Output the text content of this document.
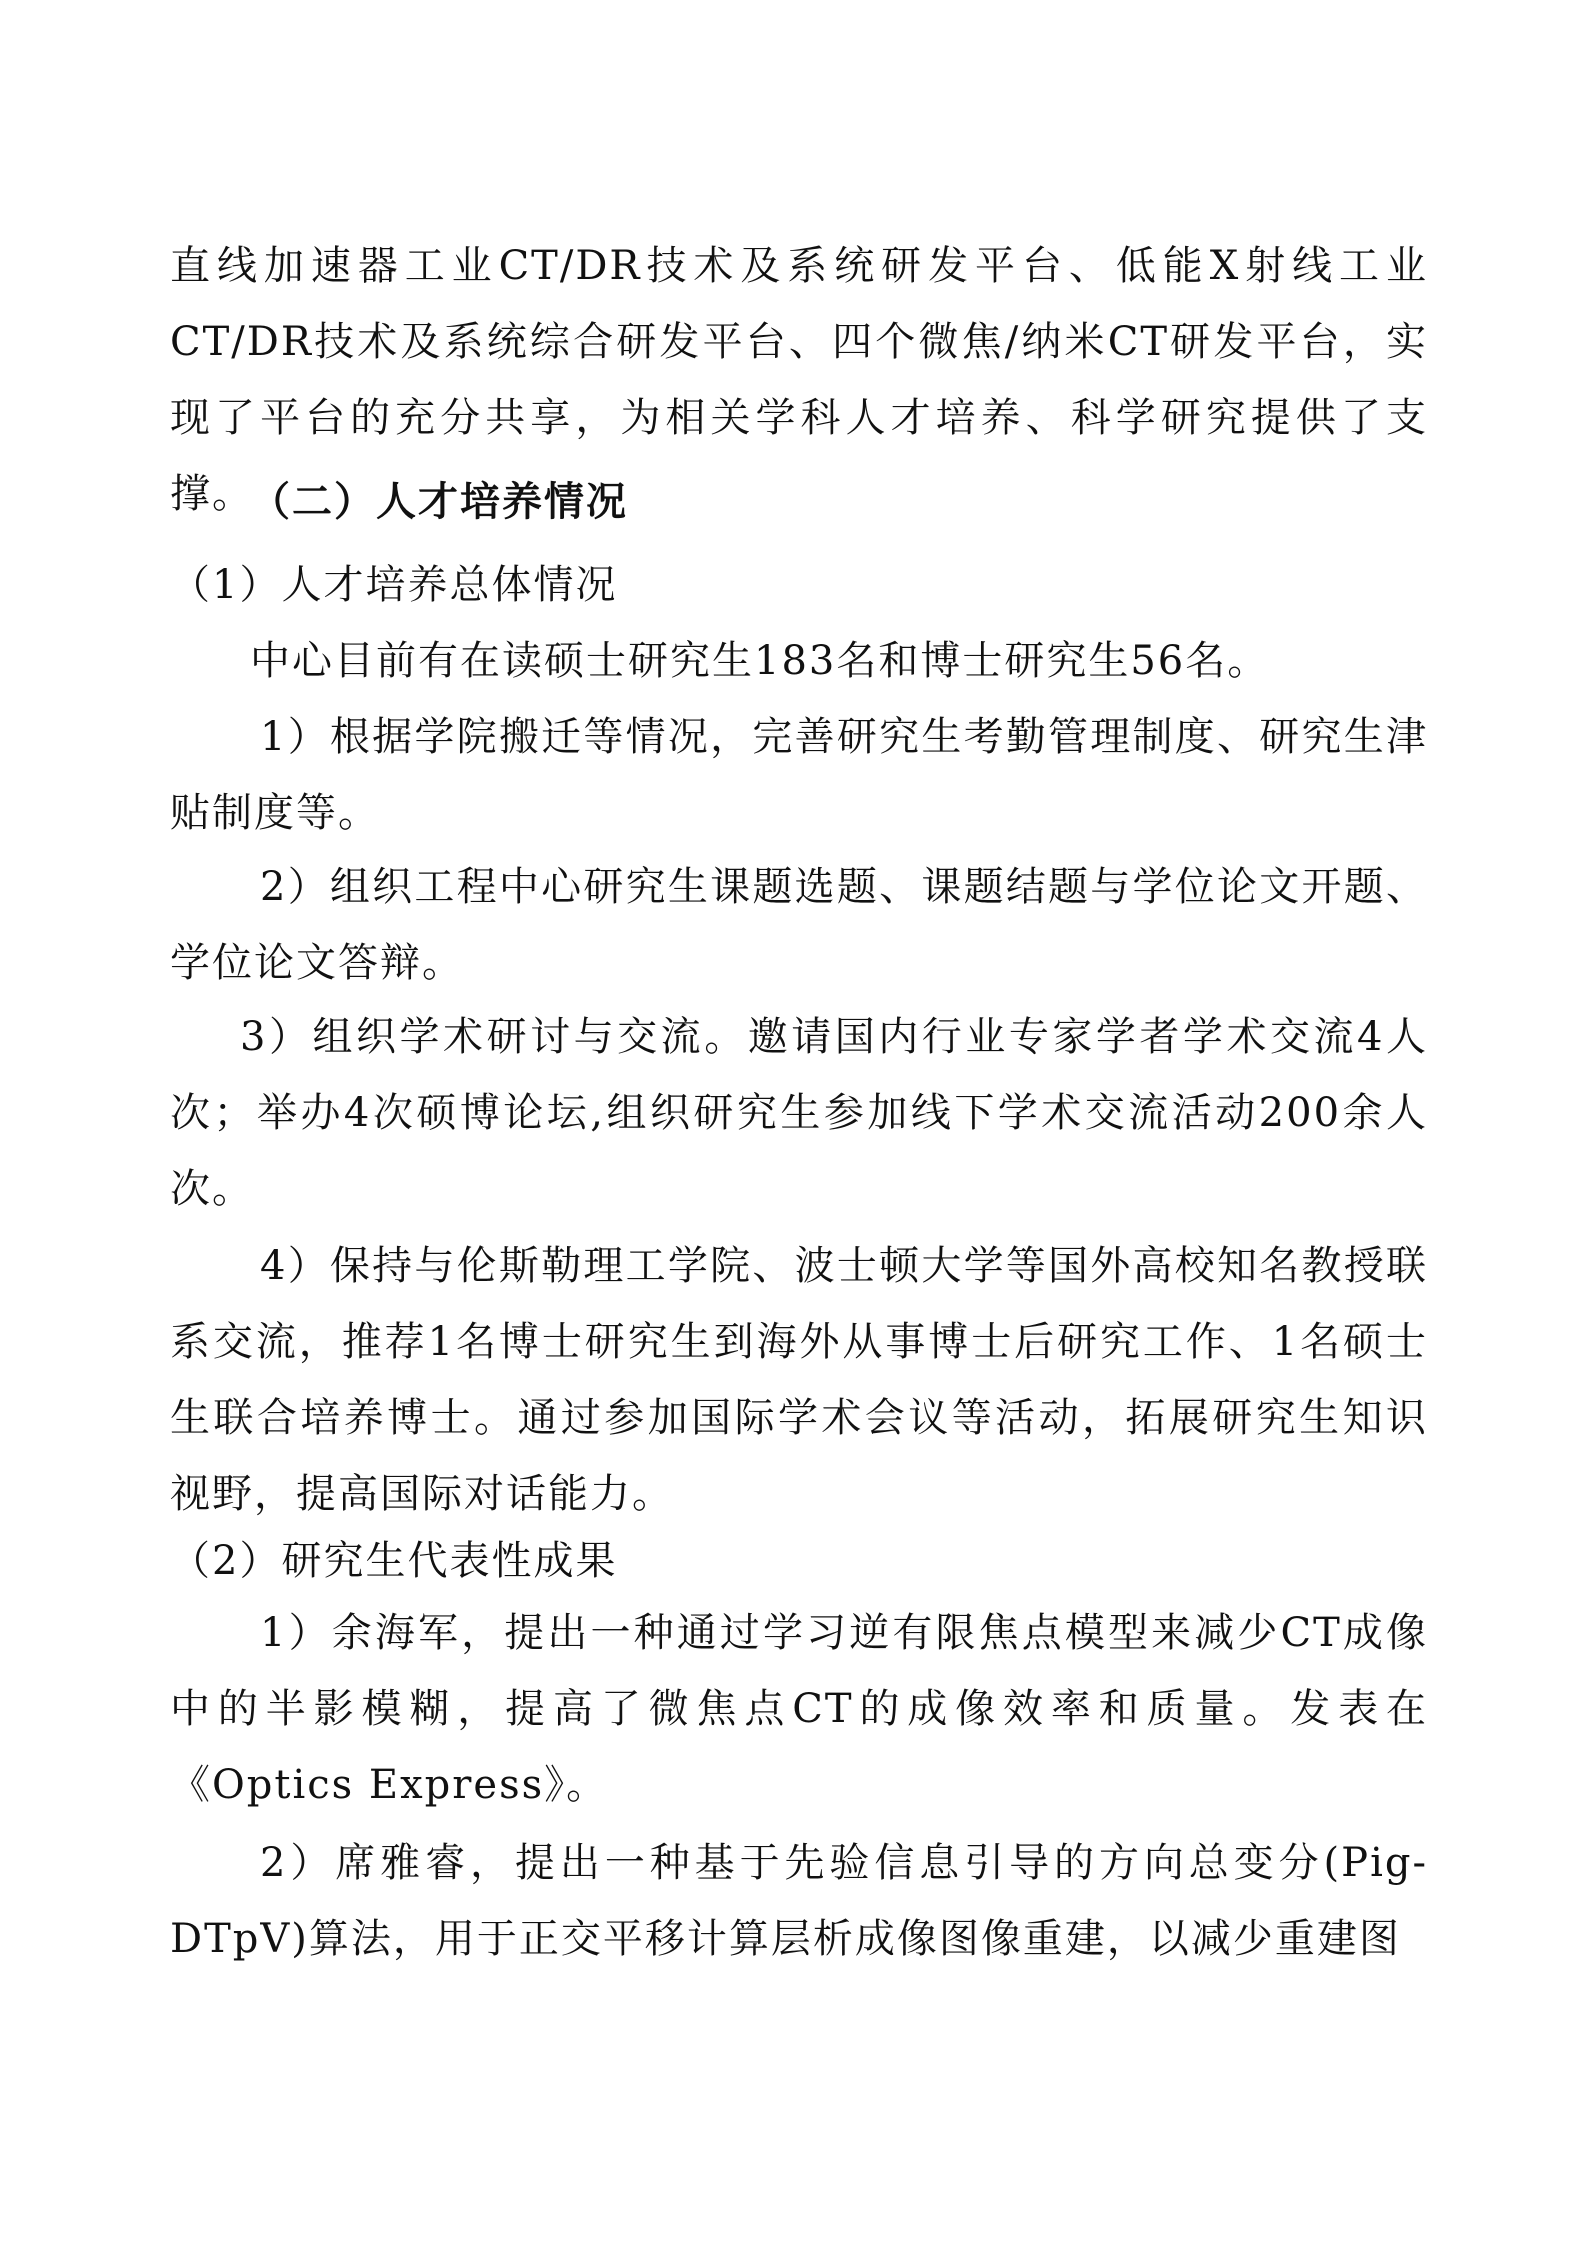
直线加速器工业CT/DR技术及系统研发平台、低能X射线工业CT/DR技术及系统综合研发平台、四个微焦/纳米CT研发平台，实现了平台的充分共享，为相关学科人才培养、科学研究提供了支撑。
（二）人才培养情况
（1）人才培养总体情况
中心目前有在读硕士研究生183名和博士研究生56名。
1）根据学院搬迁等情况，完善研究生考勤管理制度、研究生津贴制度等。
2）组织工程中心研究生课题选题、课题结题与学位论文开题、学位论文答辩。
3）组织学术研讨与交流。邀请国内行业专家学者学术交流4人次；举办4次硕博论坛,组织研究生参加线下学术交流活动200余人次。
4）保持与伦斯勒理工学院、波士顿大学等国外高校知名教授联系交流，推荐1名博士研究生到海外从事博士后研究工作、1名硕士生联合培养博士。通过参加国际学术会议等活动，拓展研究生知识视野，提高国际对话能力。
（2）研究生代表性成果
1）余海军，提出一种通过学习逆有限焦点模型来减少CT成像中的半影模糊，提高了微焦点CT的成像效率和质量。发表在《Optics Express》。
2）席雅睿，提出一种基于先验信息引导的方向总变分(Pig-DTpV)算法，用于正交平移计算层析成像图像重建，以减少重建图
